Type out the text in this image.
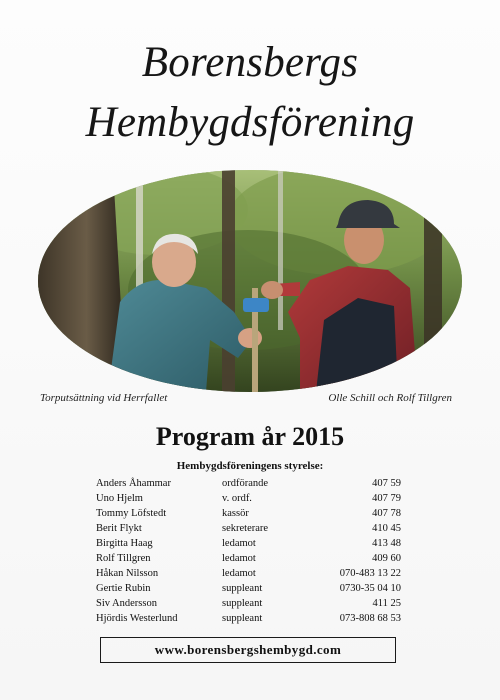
Borensbergs
Hembygdsförening
Torputsättning vid Herrfallet	Olle Schill och Rolf Tillgren
Program år 2015
Hembygdsföreningens styrelse:
Anders Åhammar	ordförande	407 59
Uno Hjelm	v. ordf.	407 79
Tommy Löfstedt	kassör	407 78
Berit Flykt	sekreterare	410 45
Birgitta Haag	ledamot	413 48
Rolf Tillgren	ledamot	409 60
Håkan Nilsson	ledamot	070-483 13 22
Gertie Rubin	suppleant	0730-35 04 10
Siv Andersson	suppleant	411 25
Hjördis Westerlund	suppleant	073-808 68 53
www.borensbergshembygd.com
